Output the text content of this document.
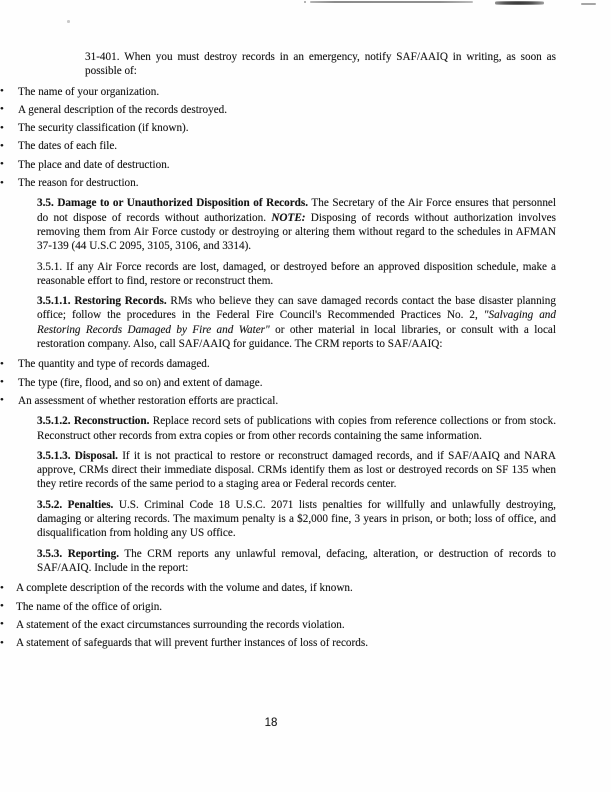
31-401. When you must destroy records in an emergency, notify SAF/AAIQ in writing, as soon as possible of:

• The name of your organization.
• A general description of the records destroyed.
• The security classification (if known).
• The dates of each file.
• The place and date of destruction.
• The reason for destruction.

3.5. Damage to or Unauthorized Disposition of Records. The Secretary of the Air Force ensures that personnel do not dispose of records without authorization. NOTE: Disposing of records without authorization involves removing them from Air Force custody or destroying or altering them without regard to the schedules in AFMAN 37-139 (44 U.S.C 2095, 3105, 3106, and 3314).

3.5.1. If any Air Force records are lost, damaged, or destroyed before an approved disposition schedule, make a reasonable effort to find, restore or reconstruct them.

3.5.1.1. Restoring Records. RMs who believe they can save damaged records contact the base disaster planning office; follow the procedures in the Federal Fire Council's Recommended Practices No. 2, "Salvaging and Restoring Records Damaged by Fire and Water" or other material in local libraries, or consult with a local restoration company. Also, call SAF/AAIQ for guidance. The CRM reports to SAF/AAIQ:

• The quantity and type of records damaged.
• The type (fire, flood, and so on) and extent of damage.
• An assessment of whether restoration efforts are practical.

3.5.1.2. Reconstruction. Replace record sets of publications with copies from reference collections or from stock. Reconstruct other records from extra copies or from other records containing the same information.

3.5.1.3. Disposal. If it is not practical to restore or reconstruct damaged records, and if SAF/AAIQ and NARA approve, CRMs direct their immediate disposal. CRMs identify them as lost or destroyed records on SF 135 when they retire records of the same period to a staging area or Federal records center.

3.5.2. Penalties. U.S. Criminal Code 18 U.S.C. 2071 lists penalties for willfully and unlawfully destroying, damaging or altering records. The maximum penalty is a $2,000 fine, 3 years in prison, or both; loss of office, and disqualification from holding any US office.

3.5.3. Reporting. The CRM reports any unlawful removal, defacing, alteration, or destruction of records to SAF/AAIQ. Include in the report:

• A complete description of the records with the volume and dates, if known.
• The name of the office of origin.
• A statement of the exact circumstances surrounding the records violation.
• A statement of safeguards that will prevent further instances of loss of records.
18
